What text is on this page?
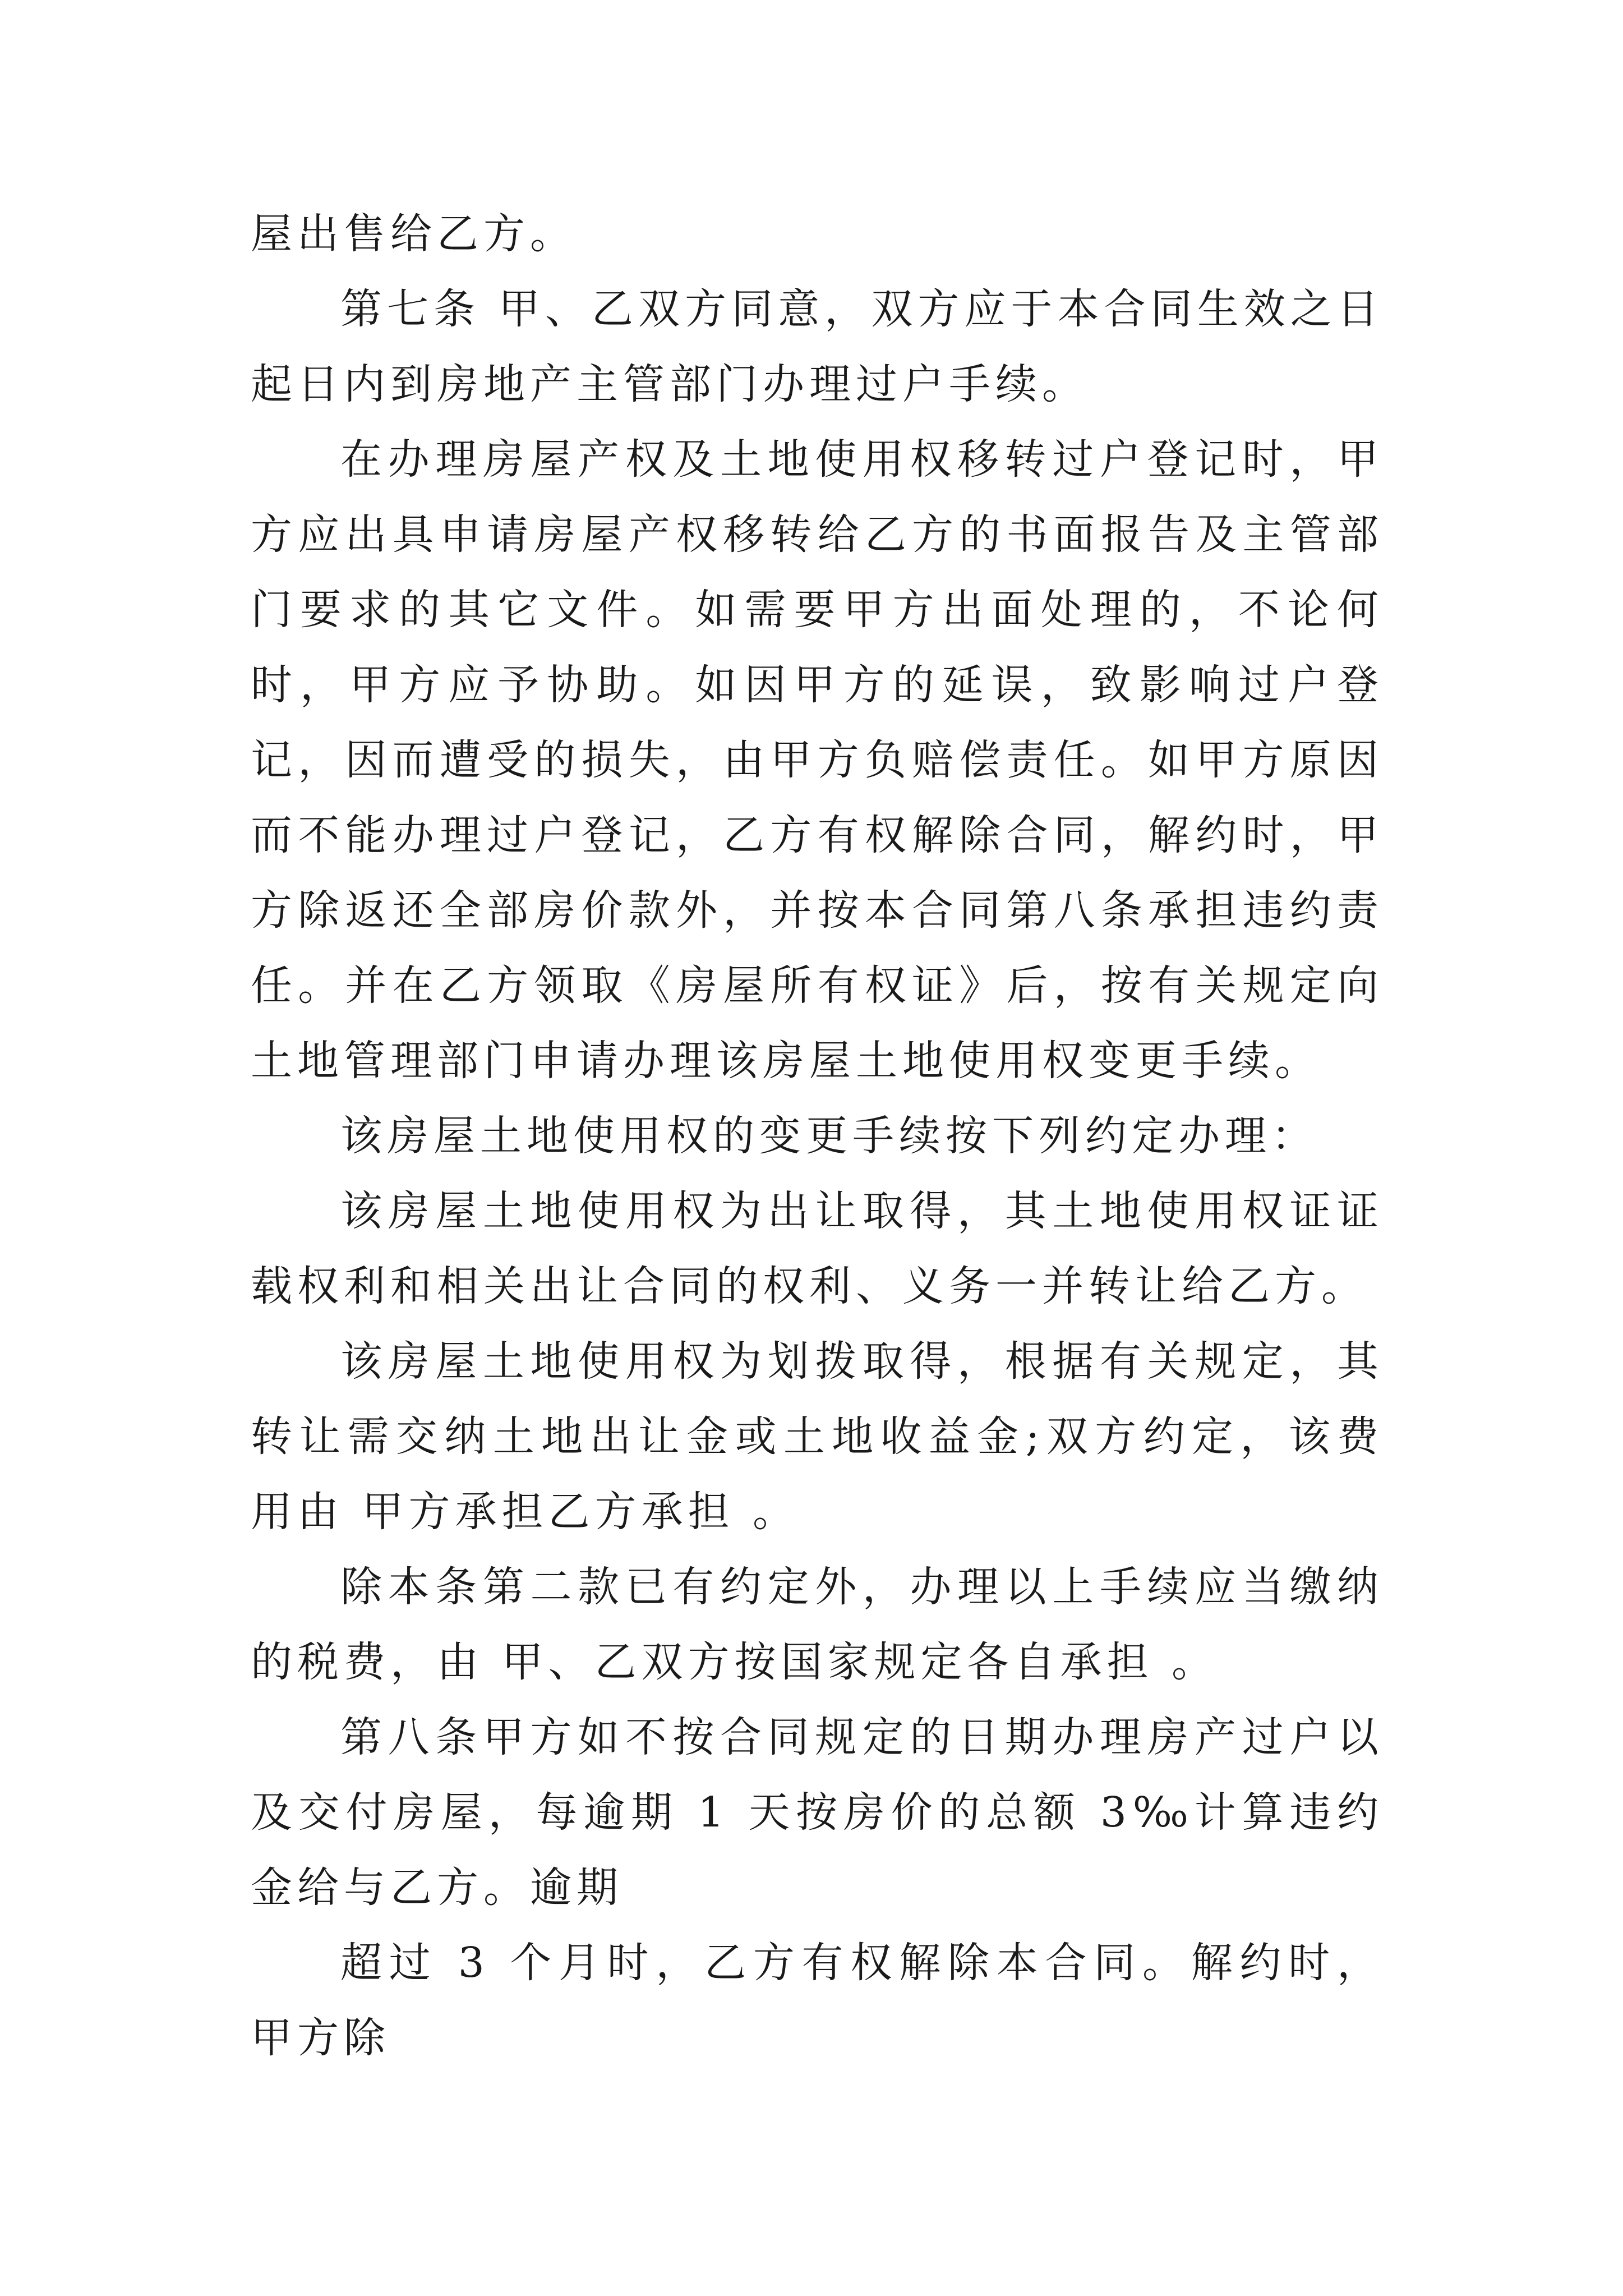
屋出售给乙方。

第七条 甲、乙双方同意，双方应于本合同生效之日起日内到房地产主管部门办理过户手续。

在办理房屋产权及土地使用权移转过户登记时，甲方应出具申请房屋产权移转给乙方的书面报告及主管部门要求的其它文件。如需要甲方出面处理的，不论何时，甲方应予协助。如因甲方的延误，致影响过户登记，因而遭受的损失，由甲方负赔偿责任。如甲方原因而不能办理过户登记，乙方有权解除合同，解约时，甲方除返还全部房价款外，并按本合同第八条承担违约责任。并在乙方领取《房屋所有权证》后，按有关规定向土地管理部门申请办理该房屋土地使用权变更手续。

该房屋土地使用权的变更手续按下列约定办理：

该房屋土地使用权为出让取得，其土地使用权证证载权利和相关出让合同的权利、义务一并转让给乙方。

该房屋土地使用权为划拨取得，根据有关规定，其转让需交纳土地出让金或土地收益金;双方约定，该费用由 甲方承担乙方承担 。

除本条第二款已有约定外，办理以上手续应当缴纳的税费，由 甲、乙双方按国家规定各自承担 。

第八条甲方如不按合同规定的日期办理房产过户以及交付房屋，每逾期 1 天按房价的总额 3‰计算违约金给与乙方。逾期

超过 3 个月时，乙方有权解除本合同。解约时，甲方除
